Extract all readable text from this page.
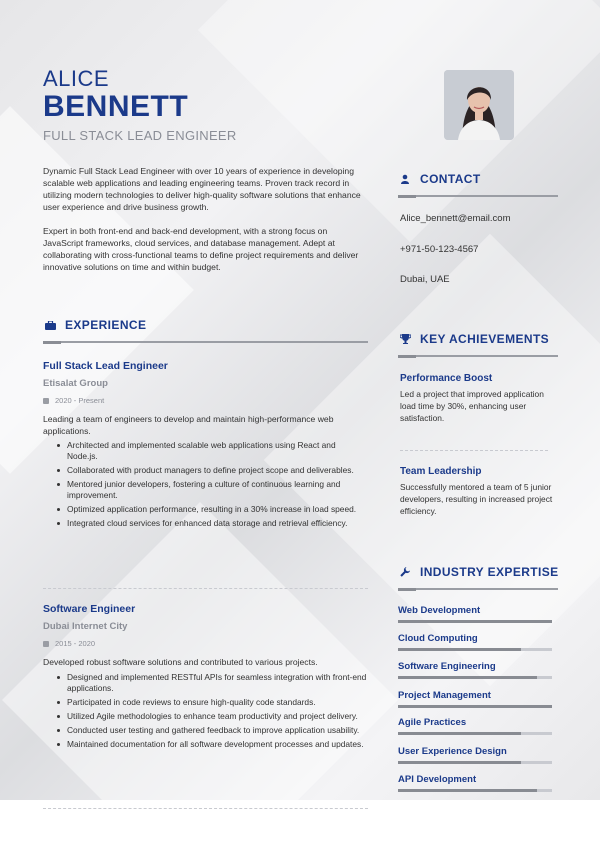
ALICE
BENNETT
FULL STACK LEAD ENGINEER

Dynamic Full Stack Lead Engineer with over 10 years of experience in developing scalable web applications and leading engineering teams. Proven track record in utilizing modern technologies to deliver high-quality software solutions that enhance user experience and drive business growth.

Expert in both front-end and back-end development, with a strong focus on JavaScript frameworks, cloud services, and database management. Adept at collaborating with cross-functional teams to define project requirements and deliver innovative solutions on time and within budget.

EXPERIENCE
Full Stack Lead Engineer
Etisalat Group
2020 - Present
Leading a team of engineers to develop and maintain high-performance web applications.
Architected and implemented scalable web applications using React and Node.js.
Collaborated with product managers to define project scope and deliverables.
Mentored junior developers, fostering a culture of continuous learning and improvement.
Optimized application performance, resulting in a 30% increase in load speed.
Integrated cloud services for enhanced data storage and retrieval efficiency.
Software Engineer
Dubai Internet City
2015 - 2020
Developed robust software solutions and contributed to various projects.
Designed and implemented RESTful APIs for seamless integration with front-end applications.
Participated in code reviews to ensure high-quality code standards.
Utilized Agile methodologies to enhance team productivity and project delivery.
Conducted user testing and gathered feedback to improve application usability.
Maintained documentation for all software development processes and updates.
CONTACT
Alice_bennett@email.com
+971-50-123-4567
Dubai, UAE
KEY ACHIEVEMENTS
Performance Boost
Led a project that improved application load time by 30%, enhancing user satisfaction.
Team Leadership
Successfully mentored a team of 5 junior developers, resulting in increased project efficiency.
INDUSTRY EXPERTISE
Web Development
Cloud Computing
Software Engineering
Project Management
Agile Practices
User Experience Design
API Development
